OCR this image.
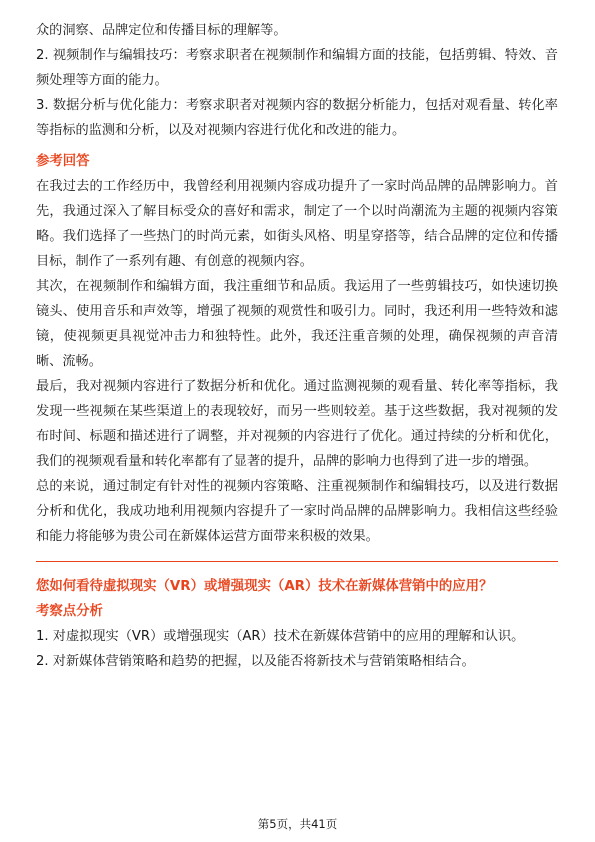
众的洞察、品牌定位和传播目标的理解等。

2. 视频制作与编辑技巧：考察求职者在视频制作和编辑方面的技能，包括剪辑、特效、音频处理等方面的能力。

3. 数据分析与优化能力：考察求职者对视频内容的数据分析能力，包括对观看量、转化率等指标的监测和分析，以及对视频内容进行优化和改进的能力。

参考回答

在我过去的工作经历中，我曾经利用视频内容成功提升了一家时尚品牌的品牌影响力。首先，我通过深入了解目标受众的喜好和需求，制定了一个以时尚潮流为主题的视频内容策略。我们选择了一些热门的时尚元素，如街头风格、明星穿搭等，结合品牌的定位和传播目标，制作了一系列有趣、有创意的视频内容。

其次，在视频制作和编辑方面，我注重细节和品质。我运用了一些剪辑技巧，如快速切换镜头、使用音乐和声效等，增强了视频的观赏性和吸引力。同时，我还利用一些特效和滤镜，使视频更具视觉冲击力和独特性。此外，我还注重音频的处理，确保视频的声音清晰、流畅。

最后，我对视频内容进行了数据分析和优化。通过监测视频的观看量、转化率等指标，我发现一些视频在某些渠道上的表现较好，而另一些则较差。基于这些数据，我对视频的发布时间、标题和描述进行了调整，并对视频的内容进行了优化。通过持续的分析和优化，我们的视频观看量和转化率都有了显著的提升，品牌的影响力也得到了进一步的增强。

总的来说，通过制定有针对性的视频内容策略、注重视频制作和编辑技巧，以及进行数据分析和优化，我成功地利用视频内容提升了一家时尚品牌的品牌影响力。我相信这些经验和能力将能够为贵公司在新媒体运营方面带来积极的效果。

您如何看待虚拟现实（VR）或增强现实（AR）技术在新媒体营销中的应用？

考察点分析

1. 对虚拟现实（VR）或增强现实（AR）技术在新媒体营销中的应用的理解和认识。

2. 对新媒体营销策略和趋势的把握，以及能否将新技术与营销策略相结合。

第5页，共41页
